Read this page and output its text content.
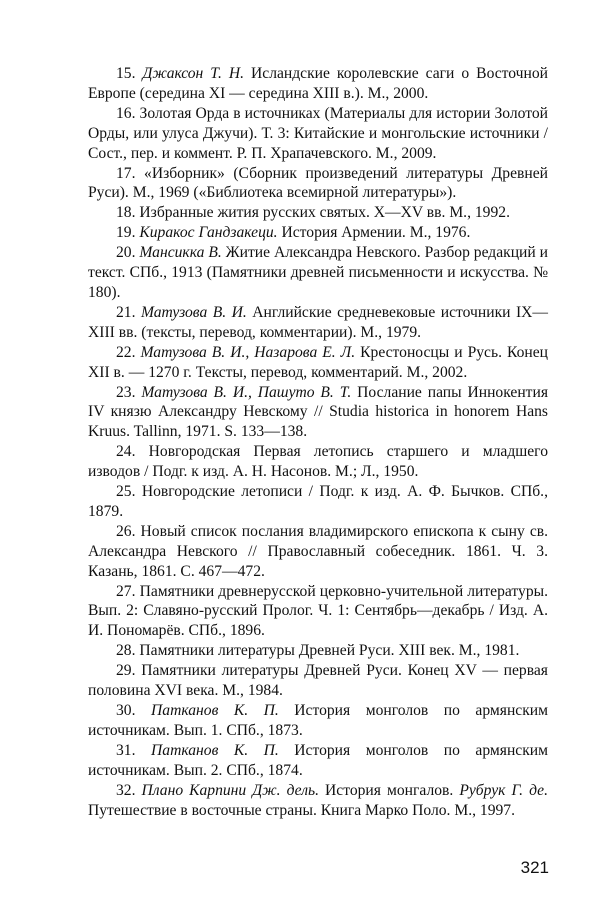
15. Джаксон Т. Н. Исландские королевские саги о Восточной Европе (середина XI — середина XIII в.). М., 2000.

16. Золотая Орда в источниках (Материалы для истории Золотой Орды, или улуса Джучи). Т. 3: Китайские и монгольские источники / Сост., пер. и коммент. Р. П. Храпачевского. М., 2009.

17. «Изборник» (Сборник произведений литературы Древней Руси). М., 1969 («Библиотека всемирной литературы»).

18. Избранные жития русских святых. X—XV вв. М., 1992.

19. Киракос Гандзакеци. История Армении. М., 1976.

20. Мансикка В. Житие Александра Невского. Разбор редакций и текст. СПб., 1913 (Памятники древней письменности и искусства. № 180).

21. Матузова В. И. Английские средневековые источники IX—XIII вв. (тексты, перевод, комментарии). М., 1979.

22. Матузова В. И., Назарова Е. Л. Крестоносцы и Русь. Конец XII в. — 1270 г. Тексты, перевод, комментарий. М., 2002.

23. Матузова В. И., Пашуто В. Т. Послание папы Иннокентия IV князю Александру Невскому // Studia historica in honorem Hans Kruus. Tallinn, 1971. S. 133—138.

24. Новгородская Первая летопись старшего и младшего изводов / Подг. к изд. А. Н. Насонов. М.; Л., 1950.

25. Новгородские летописи / Подг. к изд. А. Ф. Бычков. СПб., 1879.

26. Новый список послания владимирского епископа к сыну св. Александра Невского // Православный собеседник. 1861. Ч. 3. Казань, 1861. С. 467—472.

27. Памятники древнерусской церковно-учительной литературы. Вып. 2: Славяно-русский Пролог. Ч. 1: Сентябрь—декабрь / Изд. А. И. Пономарёв. СПб., 1896.

28. Памятники литературы Древней Руси. XIII век. М., 1981.

29. Памятники литературы Древней Руси. Конец XV — первая половина XVI века. М., 1984.

30. Патканов К. П. История монголов по армянским источникам. Вып. 1. СПб., 1873.

31. Патканов К. П. История монголов по армянским источникам. Вып. 2. СПб., 1874.

32. Плано Карпини Дж. дель. История монгалов. Рубрук Г. де. Путешествие в восточные страны. Книга Марко Поло. М., 1997.

321
